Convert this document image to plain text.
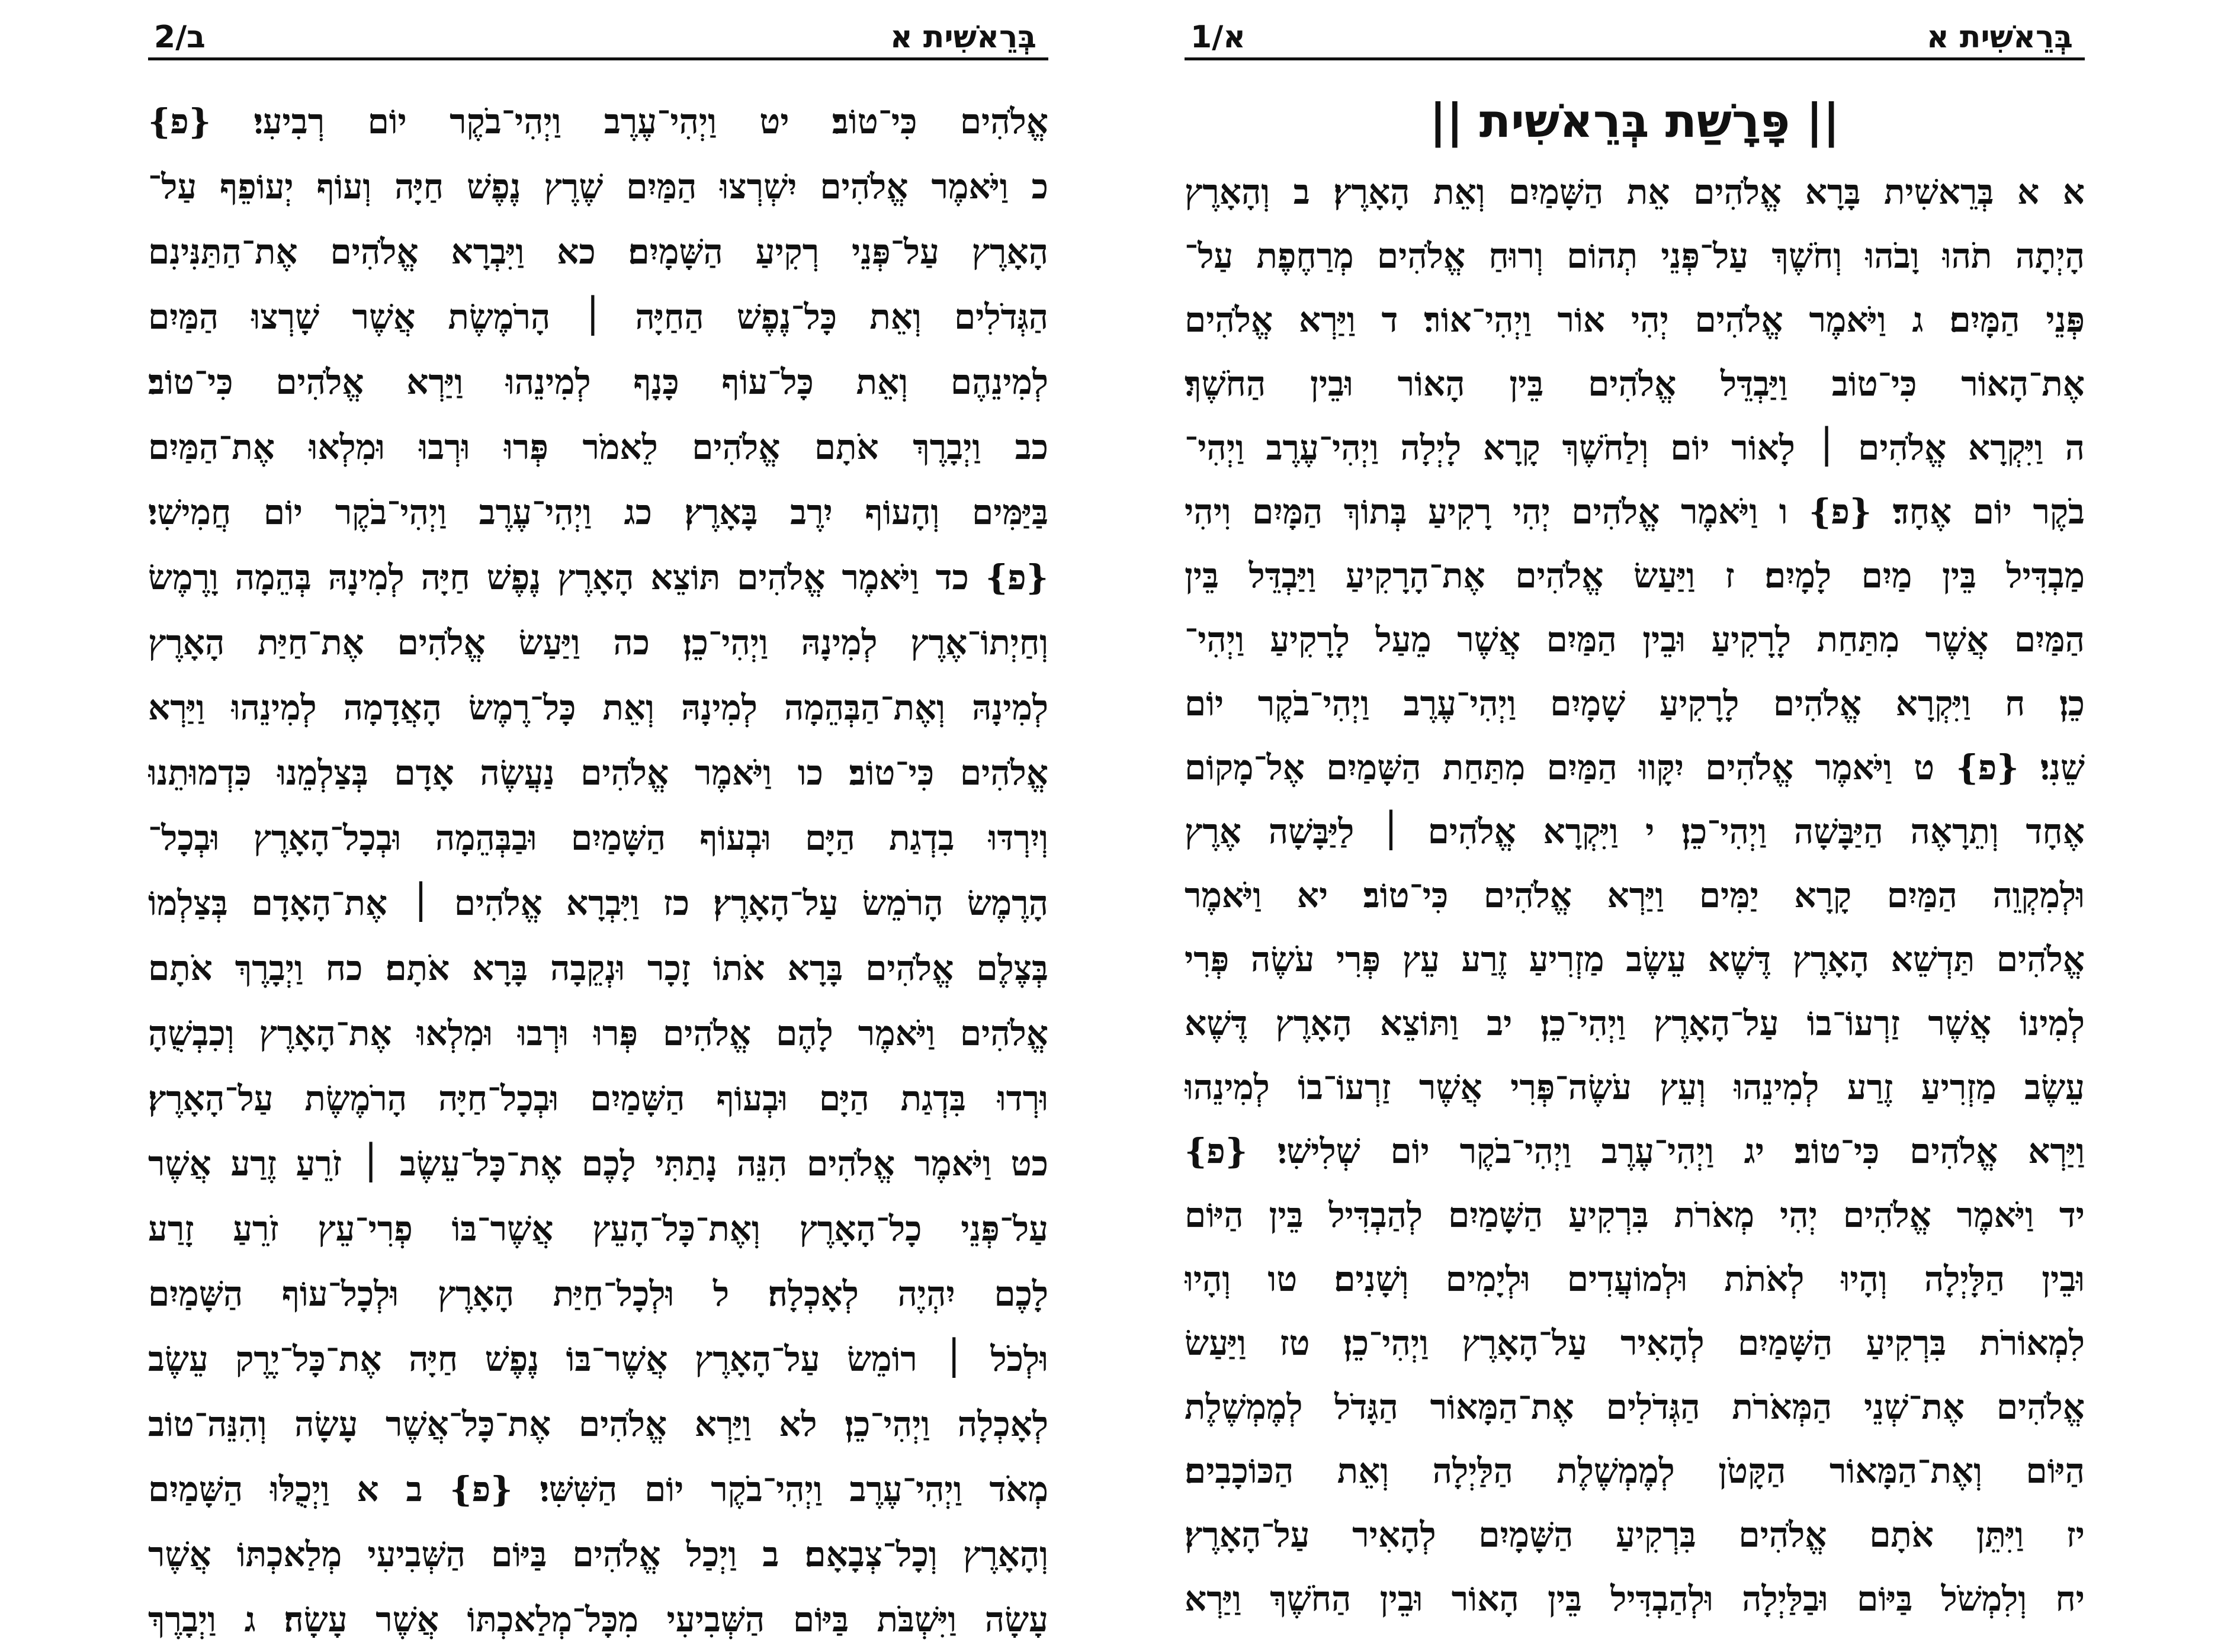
ב/2	בְּרֵאשִׁית א
אֱלֹהִים כִּי־טוֹב׃ יט וַיְהִי־עֶרֶב וַיְהִי־בֹקֶר יוֹם רְבִיעִי׃ {פ}
כ וַיֹּאמֶר אֱלֹהִים יִשְׁרְצוּ הַמַּיִם שֶׁרֶץ נֶפֶשׁ חַיָּה וְעוֹף יְעוֹפֵף עַל־
הָאָרֶץ עַל־פְּנֵי רְקִיעַ הַשָּׁמָיִם׃ כא וַיִּבְרָא אֱלֹהִים אֶת־הַתַּנִּינִם
הַגְּדֹלִים וְאֵת כָּל־נֶפֶשׁ הַחַיָּה ׀ הָרֹמֶשֶׂת אֲשֶׁר שָׁרְצוּ הַמַּיִם
לְמִינֵהֶם וְאֵת כָּל־עוֹף כָּנָף לְמִינֵהוּ וַיַּרְא אֱלֹהִים כִּי־טוֹב׃
כב וַיְבָרֶךְ אֹתָם אֱלֹהִים לֵאמֹר פְּרוּ וּרְבוּ וּמִלְאוּ אֶת־הַמַּיִם
בַּיַּמִּים וְהָעוֹף יִרֶב בָּאָרֶץ׃ כג וַיְהִי־עֶרֶב וַיְהִי־בֹקֶר יוֹם חֲמִישִׁי׃
{פ} כד וַיֹּאמֶר אֱלֹהִים תּוֹצֵא הָאָרֶץ נֶפֶשׁ חַיָּה לְמִינָהּ בְּהֵמָה וָרֶמֶשׂ
וְחַיְתוֹ־אֶרֶץ לְמִינָהּ וַיְהִי־כֵן׃ כה וַיַּעַשׂ אֱלֹהִים אֶת־חַיַּת הָאָרֶץ
לְמִינָהּ וְאֶת־הַבְּהֵמָה לְמִינָהּ וְאֵת כָּל־רֶמֶשׂ הָאֲדָמָה לְמִינֵהוּ וַיַּרְא
אֱלֹהִים כִּי־טוֹב׃ כו וַיֹּאמֶר אֱלֹהִים נַעֲשֶׂה אָדָם בְּצַלְמֵנוּ כִּדְמוּתֵנוּ
וְיִרְדּוּ בִדְגַת הַיָּם וּבְעוֹף הַשָּׁמַיִם וּבַבְּהֵמָה וּבְכָל־הָאָרֶץ וּבְכָל־
הָרֶמֶשׂ הָרֹמֵשׂ עַל־הָאָרֶץ׃ כז וַיִּבְרָא אֱלֹהִים ׀ אֶת־הָאָדָם בְּצַלְמוֹ
בְּצֶלֶם אֱלֹהִים בָּרָא אֹתוֹ זָכָר וּנְקֵבָה בָּרָא אֹתָם׃ כח וַיְבָרֶךְ אֹתָם
אֱלֹהִים וַיֹּאמֶר לָהֶם אֱלֹהִים פְּרוּ וּרְבוּ וּמִלְאוּ אֶת־הָאָרֶץ וְכִבְשֻׁהָ
וּרְדוּ בִּדְגַת הַיָּם וּבְעוֹף הַשָּׁמַיִם וּבְכָל־חַיָּה הָרֹמֶשֶׂת עַל־הָאָרֶץ׃
כט וַיֹּאמֶר אֱלֹהִים הִנֵּה נָתַתִּי לָכֶם אֶת־כָּל־עֵשֶׂב ׀ זֹרֵעַ זֶרַע אֲשֶׁר
עַל־פְּנֵי כָל־הָאָרֶץ וְאֶת־כָּל־הָעֵץ אֲשֶׁר־בּוֹ פְרִי־עֵץ זֹרֵעַ זָרַע
לָכֶם יִהְיֶה לְאָכְלָה׃ ל וּלְכָל־חַיַּת הָאָרֶץ וּלְכָל־עוֹף הַשָּׁמַיִם
וּלְכֹל ׀ רוֹמֵשׂ עַל־הָאָרֶץ אֲשֶׁר־בּוֹ נֶפֶשׁ חַיָּה אֶת־כָּל־יֶרֶק עֵשֶׂב
לְאָכְלָה וַיְהִי־כֵן׃ לא וַיַּרְא אֱלֹהִים אֶת־כָּל־אֲשֶׁר עָשָׂה וְהִנֵּה־טוֹב
מְאֹד וַיְהִי־עֶרֶב וַיְהִי־בֹקֶר יוֹם הַשִּׁשִּׁי׃ {פ} ב א וַיְכֻלּוּ הַשָּׁמַיִם
וְהָאָרֶץ וְכָל־צְבָאָם׃ ב וַיְכַל אֱלֹהִים בַּיּוֹם הַשְּׁבִיעִי מְלַאכְתּוֹ אֲשֶׁר
עָשָׂה וַיִּשְׁבֹּת בַּיּוֹם הַשְּׁבִיעִי מִכָּל־מְלַאכְתּוֹ אֲשֶׁר עָשָׂה׃ ג וַיְבָרֶךְ
א/1	בְּרֵאשִׁית א
|| פָּרָשַׁת בְּרֵאשִׁית ||
א א בְּרֵאשִׁית בָּרָא אֱלֹהִים אֵת הַשָּׁמַיִם וְאֵת הָאָרֶץ׃ ב וְהָאָרֶץ
הָיְתָה תֹהוּ וָבֹהוּ וְחֹשֶׁךְ עַל־פְּנֵי תְהוֹם וְרוּחַ אֱלֹהִים מְרַחֶפֶת עַל־
פְּנֵי הַמָּיִם׃ ג וַיֹּאמֶר אֱלֹהִים יְהִי אוֹר וַיְהִי־אוֹר׃ ד וַיַּרְא אֱלֹהִים
אֶת־הָאוֹר כִּי־טוֹב וַיַּבְדֵּל אֱלֹהִים בֵּין הָאוֹר וּבֵין הַחֹשֶׁךְ׃
ה וַיִּקְרָא אֱלֹהִים ׀ לָאוֹר יוֹם וְלַחֹשֶׁךְ קָרָא לָיְלָה וַיְהִי־עֶרֶב וַיְהִי־
בֹקֶר יוֹם אֶחָד׃ {פ} ו וַיֹּאמֶר אֱלֹהִים יְהִי רָקִיעַ בְּתוֹךְ הַמָּיִם וִיהִי
מַבְדִּיל בֵּין מַיִם לָמָיִם׃ ז וַיַּעַשׂ אֱלֹהִים אֶת־הָרָקִיעַ וַיַּבְדֵּל בֵּין
הַמַּיִם אֲשֶׁר מִתַּחַת לָרָקִיעַ וּבֵין הַמַּיִם אֲשֶׁר מֵעַל לָרָקִיעַ וַיְהִי־
כֵן׃ ח וַיִּקְרָא אֱלֹהִים לָרָקִיעַ שָׁמָיִם וַיְהִי־עֶרֶב וַיְהִי־בֹקֶר יוֹם
שֵׁנִי׃ {פ} ט וַיֹּאמֶר אֱלֹהִים יִקָּווּ הַמַּיִם מִתַּחַת הַשָּׁמַיִם אֶל־מָקוֹם
אֶחָד וְתֵרָאֶה הַיַּבָּשָׁה וַיְהִי־כֵן׃ י וַיִּקְרָא אֱלֹהִים ׀ לַיַּבָּשָׁה אֶרֶץ
וּלְמִקְוֵה הַמַּיִם קָרָא יַמִּים וַיַּרְא אֱלֹהִים כִּי־טוֹב׃ יא וַיֹּאמֶר
אֱלֹהִים תַּדְשֵׁא הָאָרֶץ דֶּשֶׁא עֵשֶׂב מַזְרִיעַ זֶרַע עֵץ פְּרִי עֹשֶׂה פְּרִי
לְמִינוֹ אֲשֶׁר זַרְעוֹ־בוֹ עַל־הָאָרֶץ וַיְהִי־כֵן׃ יב וַתּוֹצֵא הָאָרֶץ דֶּשֶׁא
עֵשֶׂב מַזְרִיעַ זֶרַע לְמִינֵהוּ וְעֵץ עֹשֶׂה־פְּרִי אֲשֶׁר זַרְעוֹ־בוֹ לְמִינֵהוּ
וַיַּרְא אֱלֹהִים כִּי־טוֹב׃ יג וַיְהִי־עֶרֶב וַיְהִי־בֹקֶר יוֹם שְׁלִישִׁי׃ {פ}
יד וַיֹּאמֶר אֱלֹהִים יְהִי מְאֹרֹת בִּרְקִיעַ הַשָּׁמַיִם לְהַבְדִּיל בֵּין הַיּוֹם
וּבֵין הַלָּיְלָה וְהָיוּ לְאֹתֹת וּלְמוֹעֲדִים וּלְיָמִים וְשָׁנִים׃ טו וְהָיוּ
לִמְאוֹרֹת בִּרְקִיעַ הַשָּׁמַיִם לְהָאִיר עַל־הָאָרֶץ וַיְהִי־כֵן׃ טז וַיַּעַשׂ
אֱלֹהִים אֶת־שְׁנֵי הַמְּאֹרֹת הַגְּדֹלִים אֶת־הַמָּאוֹר הַגָּדֹל לְמֶמְשֶׁלֶת
הַיּוֹם וְאֶת־הַמָּאוֹר הַקָּטֹן לְמֶמְשֶׁלֶת הַלַּיְלָה וְאֵת הַכּוֹכָבִים׃
יז וַיִּתֵּן אֹתָם אֱלֹהִים בִּרְקִיעַ הַשָּׁמָיִם לְהָאִיר עַל־הָאָרֶץ׃
יח וְלִמְשֹׁל בַּיּוֹם וּבַלַּיְלָה וּלְהַבְדִּיל בֵּין הָאוֹר וּבֵין הַחֹשֶׁךְ וַיַּרְא
